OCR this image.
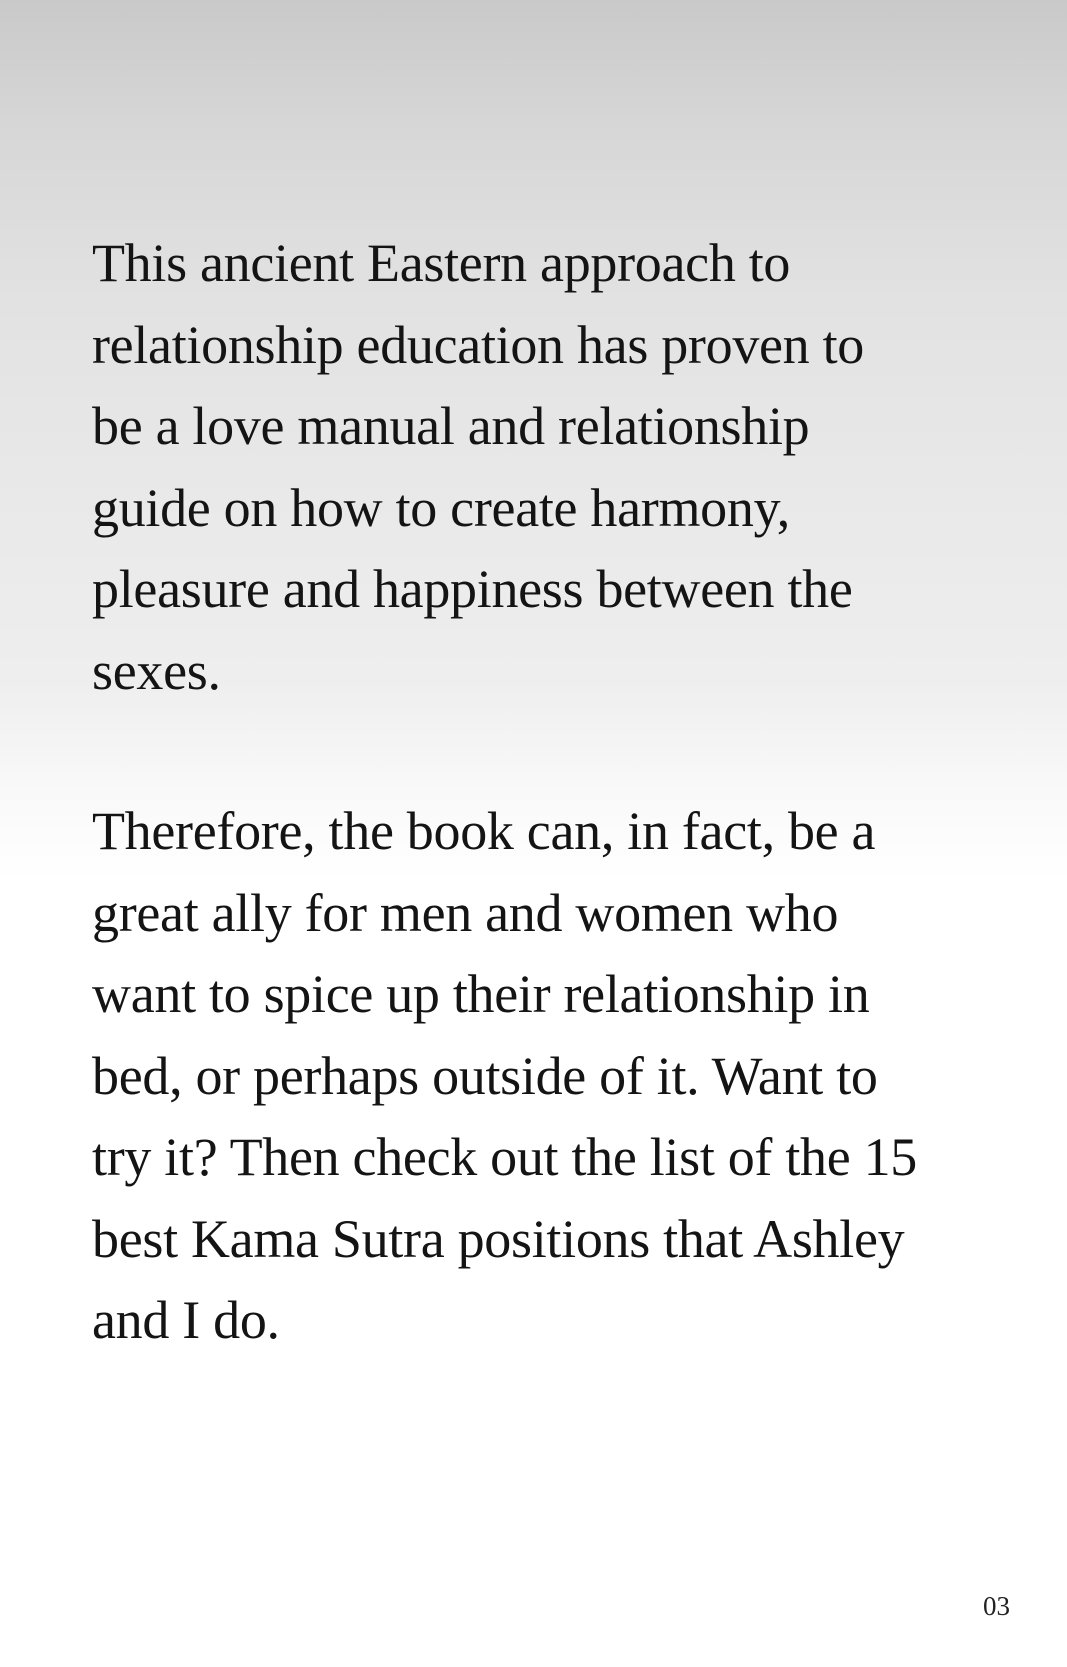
This ancient Eastern approach to
relationship education has proven to
be a love manual and relationship
guide on how to create harmony,
pleasure and happiness between the
sexes.

Therefore, the book can, in fact, be a
great ally for men and women who
want to spice up their relationship in
bed, or perhaps outside of it. Want to
try it? Then check out the list of the 15
best Kama Sutra positions that Ashley
and I do.

03
